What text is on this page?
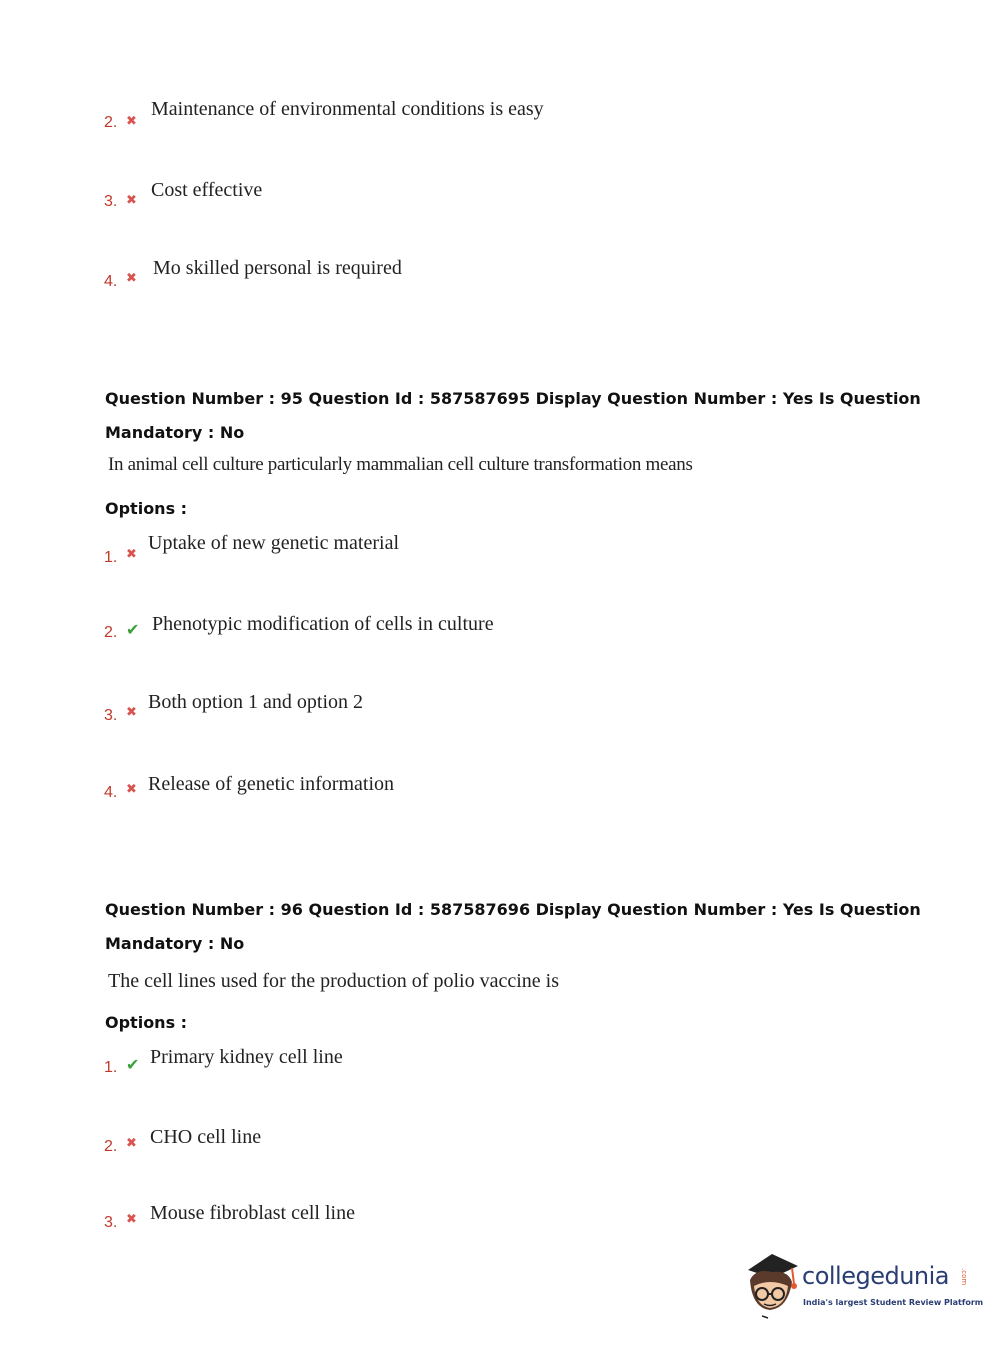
2. ✖
Maintenance of environmental conditions is easy
3. ✖ Cost effective
4. ✖ Mo skilled personal is required
Question Number : 95 Question Id : 587587695 Display Question Number : Yes Is Question
Mandatory : No
In animal cell culture particularly mammalian cell culture transformation means
Options :
1. ✖
Uptake of new genetic material
2. ✔ Phenotypic modification of cells in culture
3. ✖ Both option 1 and option 2
4. ✖ Release of genetic information
Question Number : 96 Question Id : 587587696 Display Question Number : Yes Is Question
Mandatory : No
The cell lines used for the production of polio vaccine is
Options :
1. ✔ Primary kidney cell line
2. ✖ CHO cell line
3. ✖ Mouse fibroblast cell line
collegedunia .com
India's largest Student Review Platform
